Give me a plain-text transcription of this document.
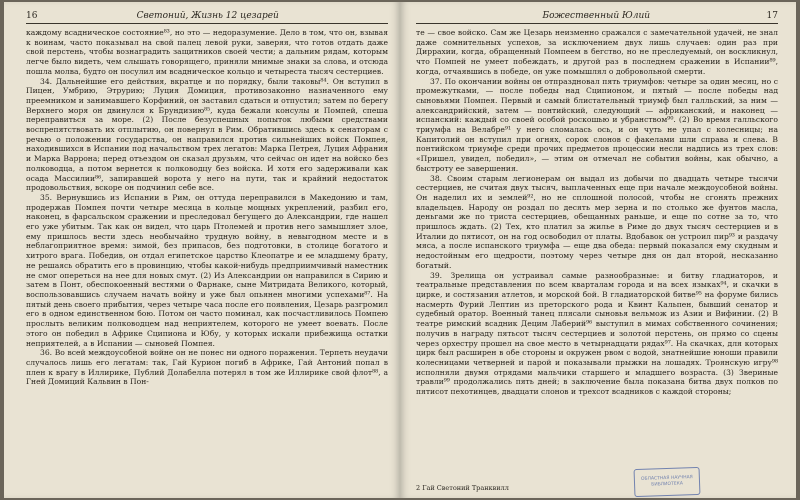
16	Светоний, Жизнь 12 цезарей

каждому всадническое состояние⁸³, но это — недоразумение. Дело в том, что он, взывая к воинам, часто показывал на свой палец левой руки, заверяя, что готов отдать даже свой перстень, чтобы вознаградить защитников своей чести; а дальним рядам, которым легче было видеть, чем слышать говорящего, приняли мнимые знаки за слова, и отсюда пошла молва, будто он посулил им всадническое кольцо и четыреста тысяч сестерциев.

34. Дальнейшие его действия, вкратце и по порядку, были таковы⁸⁴. Он вступил в Пицен, Умбрию, Этрурию; Луция Домиция, противозаконно назначенного ему преемником и занимавшего Корфиний, он заставил сдаться и отпустил; затем по берегу Верхнего моря он двинулся к Брундизию⁸⁵, куда бежали консулы и Помпей, спеша переправиться за море. (2) После безуспешных попыток любыми средствами воспрепятствовать их отплытию, он повернул в Рим. Обратившись здесь к сенаторам с речью о положении государства, он направился против сильнейших войск Помпея, находившихся в Испании под начальством трех легатов: Марка Петрея, Луция Афрания и Марка Варрона; перед отъездом он сказал друзьям, что сейчас он идет на войско без полководца, а потом вернется к полководцу без войска. И хотя его задерживали как осада Массилии⁸⁶, запиравшей ворота у него на пути, так и крайний недостаток продовольствия, вскоре он подчинил себе все.

35. Вернувшись из Испании в Рим, он оттуда переправился в Македонию и там, продержав Помпея почти четыре месяца в кольце мощных укреплений, разбил его, наконец, в фарсальском сражении и преследовал бегущего до Александрии, где нашел его уже убитым. Так как он видел, что царь Птолемей и против него замышляет злое, ему пришлось вести здесь необычайно трудную войну, в невыгодном месте и в неблагоприятное время: зимой, без припасов, без подготовки, в столице богатого и хитрого врага. Победив, он отдал египетское царство Клеопатре и ее младшему брату, не решаясь обратить его в провинцию, чтобы какой-нибудь предприимчивый наместник не смог опереться на нее для новых смут. (2) Из Александрии он направился в Сирию и затем в Понт, обеспокоенный вестями о Фарнаке, сыне Митридата Великого, который, воспользовавшись случаем начать войну и уже был опьянен многими успехами⁸⁷. На пятый день своего прибытия, через четыре часа после его появления, Цезарь разгромил его в одном единственном бою. Потом он часто поминал, как посчастливилось Помпею прослыть великим полководцем над неприятелем, которого не умеет воевать. После этого он победил в Африке Сципиона и Юбу, у которых искали прибежища остатки неприятелей, а в Испании — сыновей Помпея.

36. Во всей междоусобной войне он не понес ни одного поражения. Терпеть неудачи случалось лишь его легатам: так, Гай Курион погиб в Африке, Гай Антоний попал в плен к врагу в Иллирике, Публий Долабелла потерял в том же Иллирике свой флот⁸⁸, а Гней Домиций Кальвин в Пон-

Божественный Юлий	17

те — свое войско. Сам же Цезарь неизменно сражался с замечательной удачей, не знал даже сомнительных успехов, за исключением двух лишь случаев: один раз при Диррахии, когда, обращенный Помпеем в бегство, но не преследуемый, он воскликнул, что Помпей не умеет побеждать, и другой раз в последнем сражении в Испании⁸⁹, когда, отчаявшись в победе, он уже помышлял о добровольной смерти.

37. По окончании войны он отпраздновал пять триумфов: четыре за один месяц, но с промежутками, — после победы над Сципионом, и пятый — после победы над сыновьями Помпея. Первый и самый блистательный триумф был галльский, за ним — александрийский, затем — понтийский, следующий — африканский, и наконец — испанский: каждый со своей особой роскошью и убранством⁹⁰. (2) Во время галльского триумфа на Велабре⁹¹ у него сломалась ось, и он чуть не упал с колесницы; на Капитолий он вступил при огнях, сорок слонов с факелами шли справа и слева. В понтийском триумфе среди прочих предметов процессии несли надпись из трех слов: «Пришел, увидел, победил», — этим он отмечал не события войны, как обычно, а быстроту ее завершения.

38. Своим старым легионерам он выдал из добычи по двадцать четыре тысячи сестерциев, не считая двух тысяч, выплаченных еще при начале междоусобной войны. Он наделил их и землей⁹², но не сплошной полосой, чтобы не сгонять прежних владельцев. Народу он роздал по десять мер зерна и по столько же фунтов масла, деньгами же по триста сестерциев, обещанных раньше, и еще по сотне за то, что пришлось ждать. (2) Тех, кто платил за жилье в Риме до двух тысяч сестерциев и в Италии до пятисот, он на год освободил от платы. Вдобавок он устроил пир⁹³ и раздачу мяса, а после испанского триумфа — еще два обеда: первый показался ему скудным и недостойным его щедрости, поэтому через четыре дня он дал второй, несказанно богатый.

39. Зрелища он устраивал самые разнообразные: и битву гладиаторов, и театральные представления по всем кварталам города и на всех языках⁹⁴, и скачки в цирке, и состязания атлетов, и морской бой. В гладиаторской битве⁹⁵ на форуме бились насмерть Фурий Лептин из преторского рода и Квинт Кальпен, бывший сенатор и судебный оратор. Военный танец плясали сыновья вельмож из Азии и Вифинии. (2) В театре римский всадник Децим Лаберий⁹⁶ выступил в мимах собственного сочинения; получив в награду пятьсот тысяч сестерциев и золотой перстень, он прямо со сцены через орхестру прошел на свое место в четырнадцати рядах⁹⁷. На скачках, для которых цирк был расширен в обе стороны и окружен рвом с водой, знатнейшие юноши правили колесницами четверней и парой и показывали прыжки на лошадях. Троянскую игру⁹⁸ исполняли двумя отрядами мальчики старшего и младшего возраста. (3) Звериные травли⁹⁹ продолжались пять дней; в заключение была показана битва двух полков по пятисот пехотинцев, двадцати слонов и трехсот всадников с каждой стороны;

2 Гай Светоний Транквилл
ОБЛАСТНАЯ НАУЧНАЯ БИБЛИОТЕКА
